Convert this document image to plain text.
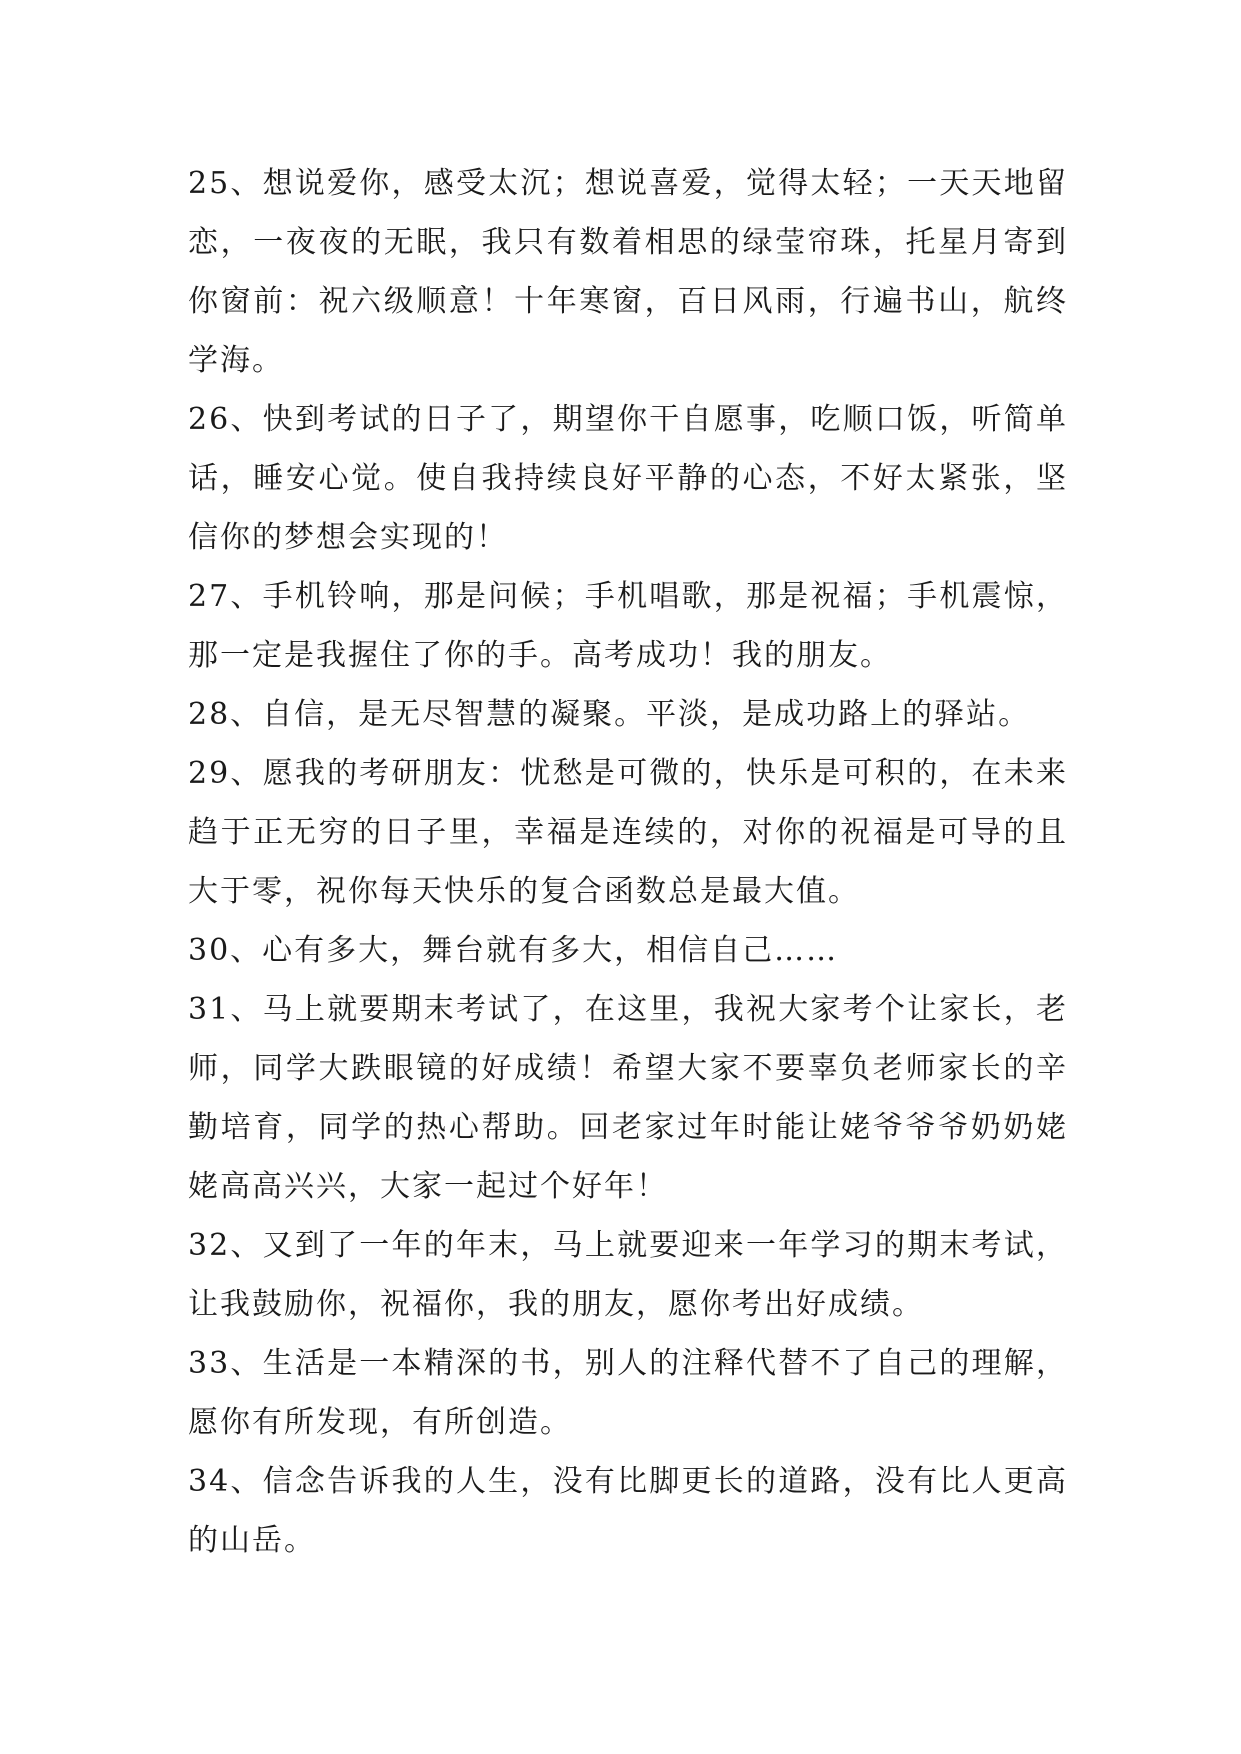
25、想说爱你，感受太沉；想说喜爱，觉得太轻；一天天地留恋，一夜夜的无眠，我只有数着相思的绿莹帘珠，托星月寄到你窗前：祝六级顺意！十年寒窗，百日风雨，行遍书山，航终学海。

26、快到考试的日子了，期望你干自愿事，吃顺口饭，听简单话，睡安心觉。使自我持续良好平静的心态，不好太紧张，坚信你的梦想会实现的！

27、手机铃响，那是问候；手机唱歌，那是祝福；手机震惊，那一定是我握住了你的手。高考成功！我的朋友。

28、自信，是无尽智慧的凝聚。平淡，是成功路上的驿站。

29、愿我的考研朋友：忧愁是可微的，快乐是可积的，在未来趋于正无穷的日子里，幸福是连续的，对你的祝福是可导的且大于零，祝你每天快乐的复合函数总是最大值。

30、心有多大，舞台就有多大，相信自己……

31、马上就要期末考试了，在这里，我祝大家考个让家长，老师，同学大跌眼镜的好成绩！希望大家不要辜负老师家长的辛勤培育，同学的热心帮助。回老家过年时能让姥爷爷爷奶奶姥姥高高兴兴，大家一起过个好年！

32、又到了一年的年末，马上就要迎来一年学习的期末考试，让我鼓励你，祝福你，我的朋友，愿你考出好成绩。

33、生活是一本精深的书，别人的注释代替不了自己的理解，愿你有所发现，有所创造。

34、信念告诉我的人生，没有比脚更长的道路，没有比人更高的山岳。
